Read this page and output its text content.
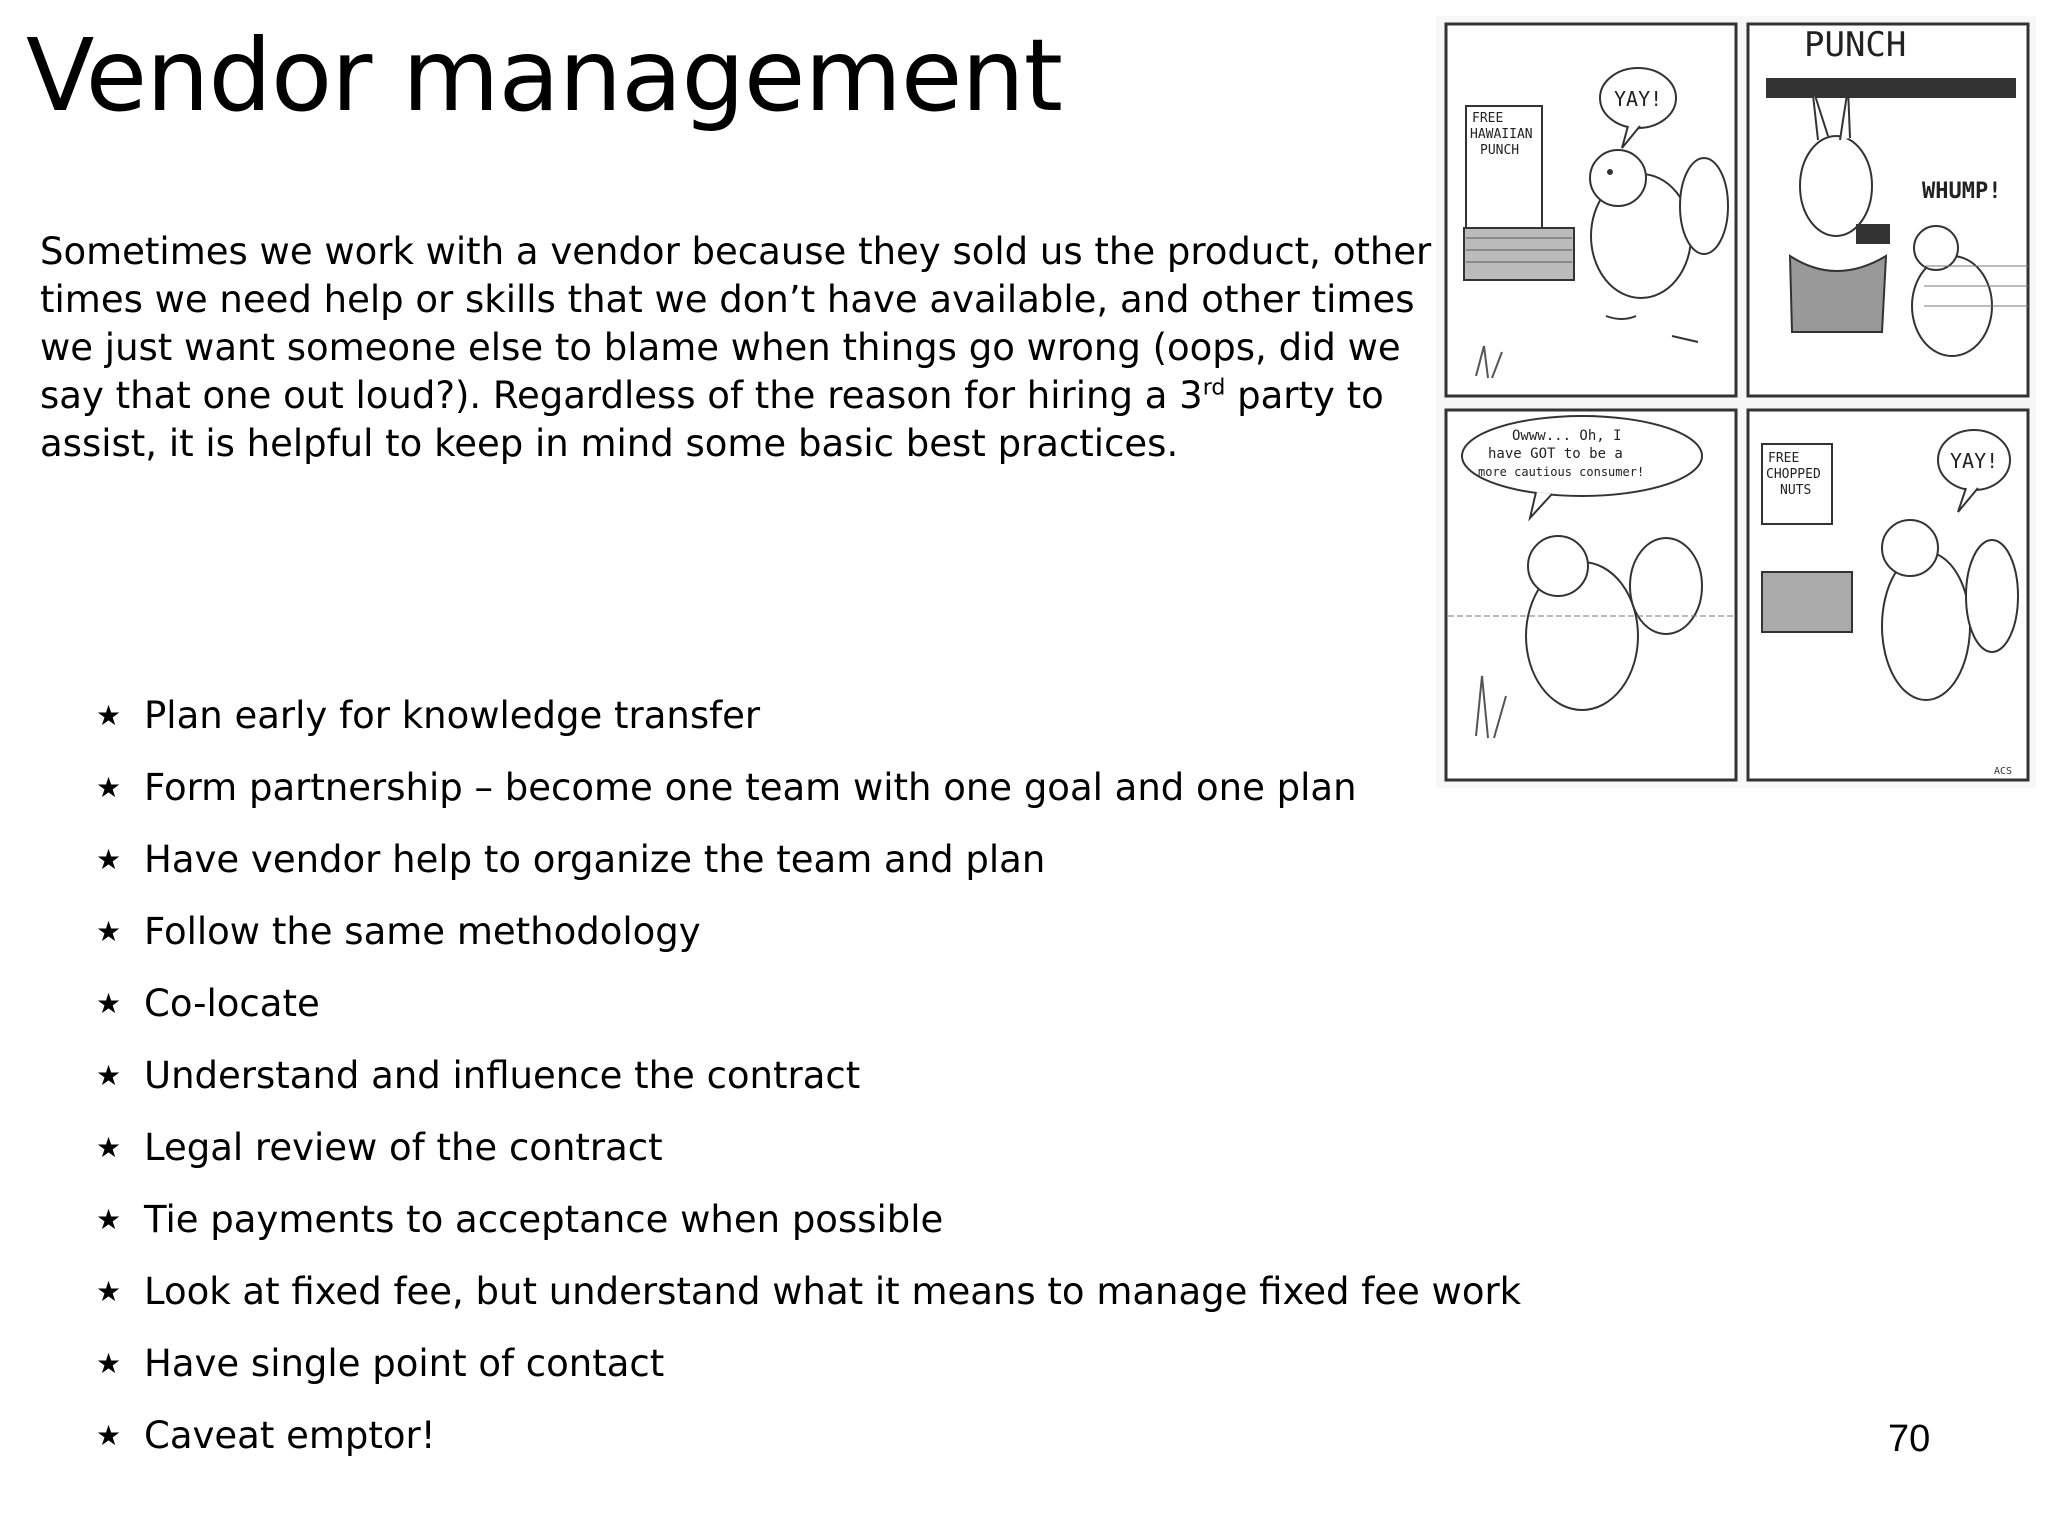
Vendor management

Sometimes we work with a vendor because they sold us the product, other times we need help or skills that we don’t have available, and other times we just want someone else to blame when things go wrong (oops, did we say that one out loud?). Regardless of the reason for hiring a 3rd party to assist, it is helpful to keep in mind some basic best practices.

★ Plan early for knowledge transfer
★ Form partnership – become one team with one goal and one plan
★ Have vendor help to organize the team and plan
★ Follow the same methodology
★ Co-locate
★ Understand and influence the contract
★ Legal review of the contract
★ Tie payments to acceptance when possible
★ Look at fixed fee, but understand what it means to manage fixed fee work
★ Have single point of contact
★ Caveat emptor!	70
FREE
HAWAIIAN
PUNCH
YAY!
PUNCH
WHUMP!
Owww... Oh, I
have GOT to be a
more cautious consumer!
FREE
CHOPPED
NUTS
YAY!
ACS
